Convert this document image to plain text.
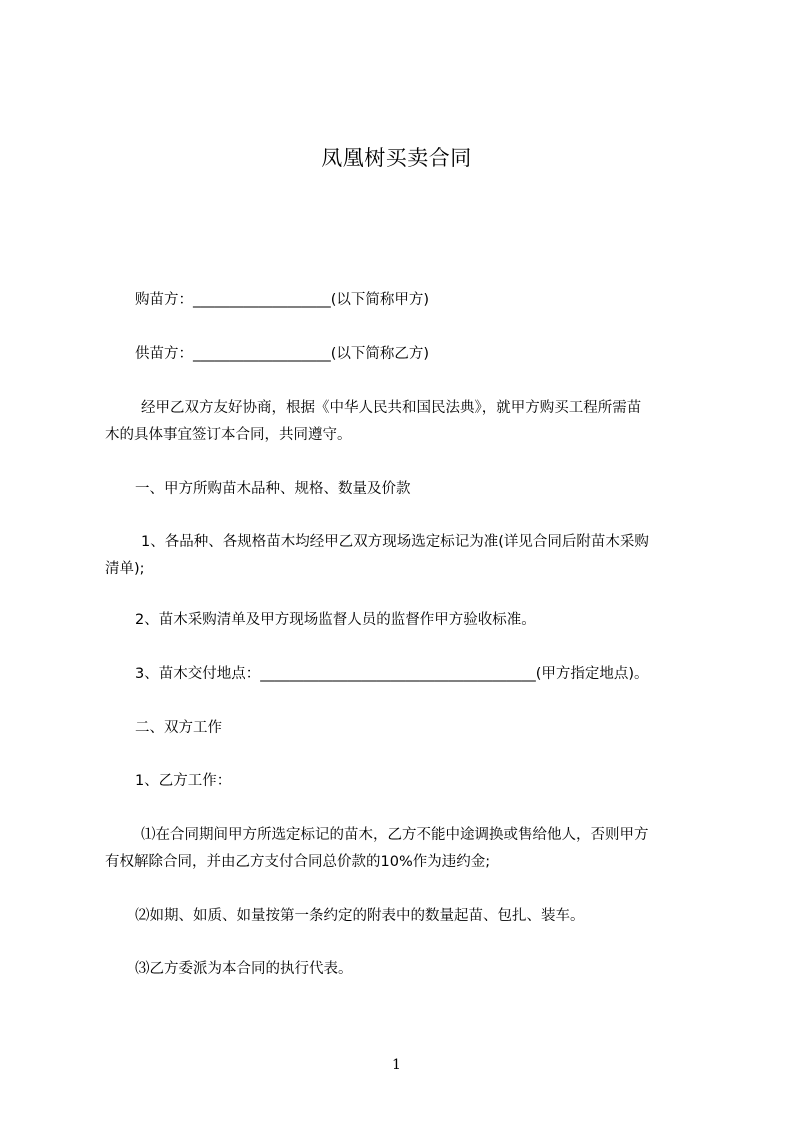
凤凰树买卖合同
购苗方：___________________(以下简称甲方)
供苗方：___________________(以下简称乙方)
经甲乙双方友好协商，根据《中华人民共和国民法典》，就甲方购买工程所需苗
木的具体事宜签订本合同，共同遵守。
一、甲方所购苗木品种、规格、数量及价款
1、各品种、各规格苗木均经甲乙双方现场选定标记为准(详见合同后附苗木采购
清单);
2、苗木采购清单及甲方现场监督人员的监督作甲方验收标准。
3、苗木交付地点：______________________________________(甲方指定地点)。
二、双方工作
1、乙方工作：
⑴在合同期间甲方所选定标记的苗木，乙方不能中途调换或售给他人，否则甲方
有权解除合同，并由乙方支付合同总价款的10%作为违约金;
⑵如期、如质、如量按第一条约定的附表中的数量起苗、包扎、装车。
⑶乙方委派为本合同的执行代表。
1
